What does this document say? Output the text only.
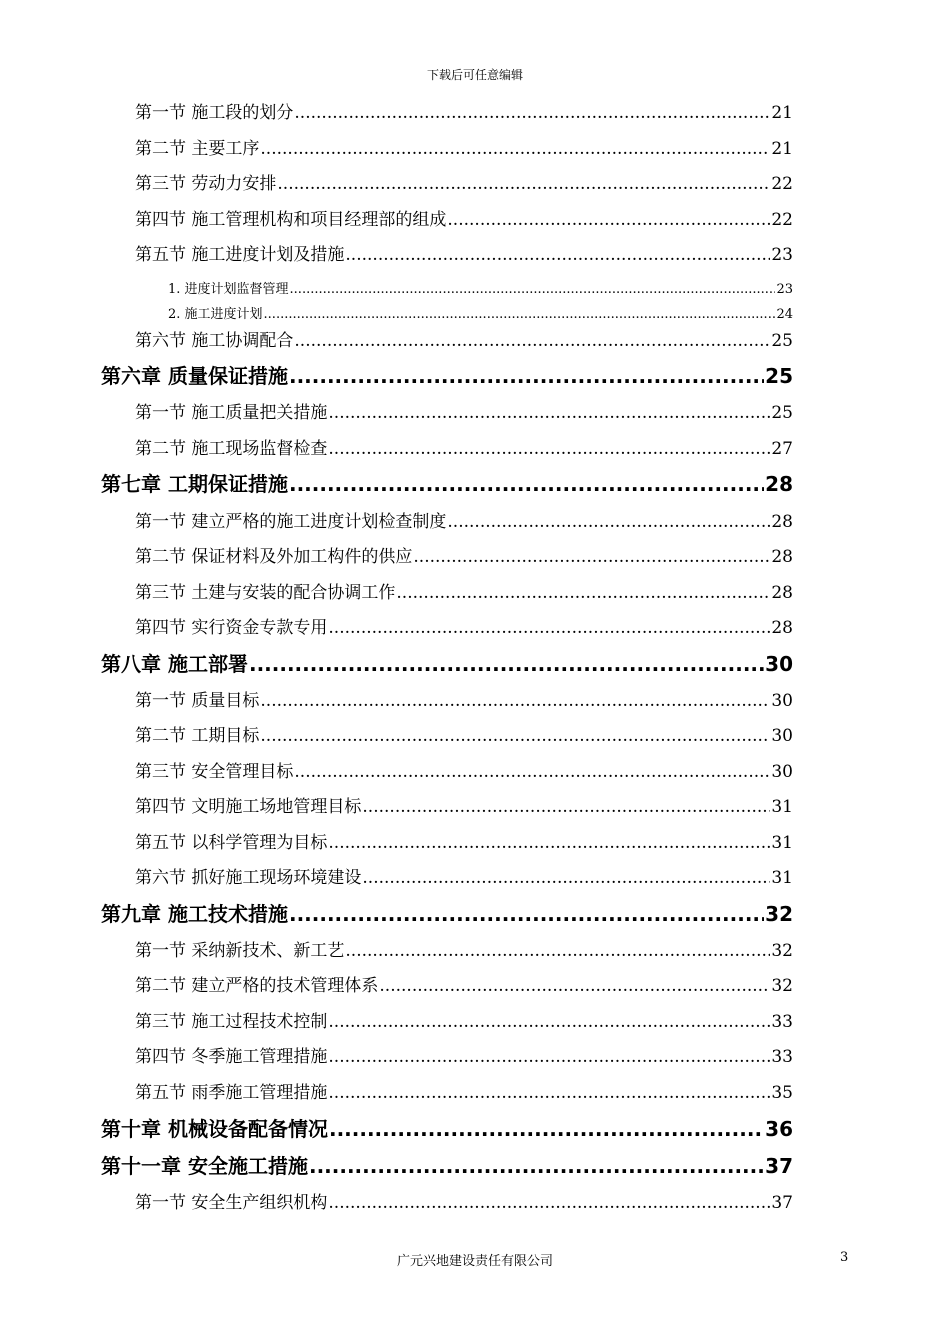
下载后可任意编辑
第一节 施工段的划分 .....	21
第二节 主要工序 .....	21
第三节 劳动力安排 .....	22
第四节 施工管理机构和项目经理部的组成 .....	22
第五节 施工进度计划及措施 .....	23
1. 进度计划监督管理 .....	23
2. 施工进度计划 .....	24
第六节 施工协调配合 .....	25
第六章 质量保证措施 .....	25
第一节 施工质量把关措施 .....	25
第二节 施工现场监督检查 .....	27
第七章 工期保证措施 .....	28
第一节 建立严格的施工进度计划检查制度 .....	28
第二节 保证材料及外加工构件的供应 .....	28
第三节 土建与安装的配合协调工作 .....	28
第四节 实行资金专款专用 .....	28
第八章 施工部署 .....	30
第一节 质量目标 .....	30
第二节 工期目标 .....	30
第三节 安全管理目标 .....	30
第四节 文明施工场地管理目标 .....	31
第五节 以科学管理为目标 .....	31
第六节 抓好施工现场环境建设 .....	31
第九章 施工技术措施 .....	32
第一节 采纳新技术、新工艺 .....	32
第二节 建立严格的技术管理体系 .....	32
第三节 施工过程技术控制 .....	33
第四节 冬季施工管理措施 .....	33
第五节 雨季施工管理措施 .....	35
第十章 机械设备配备情况 .....	36
第十一章 安全施工措施 .....	37
第一节 安全生产组织机构 .....	37
广元兴地建设责任有限公司	3
